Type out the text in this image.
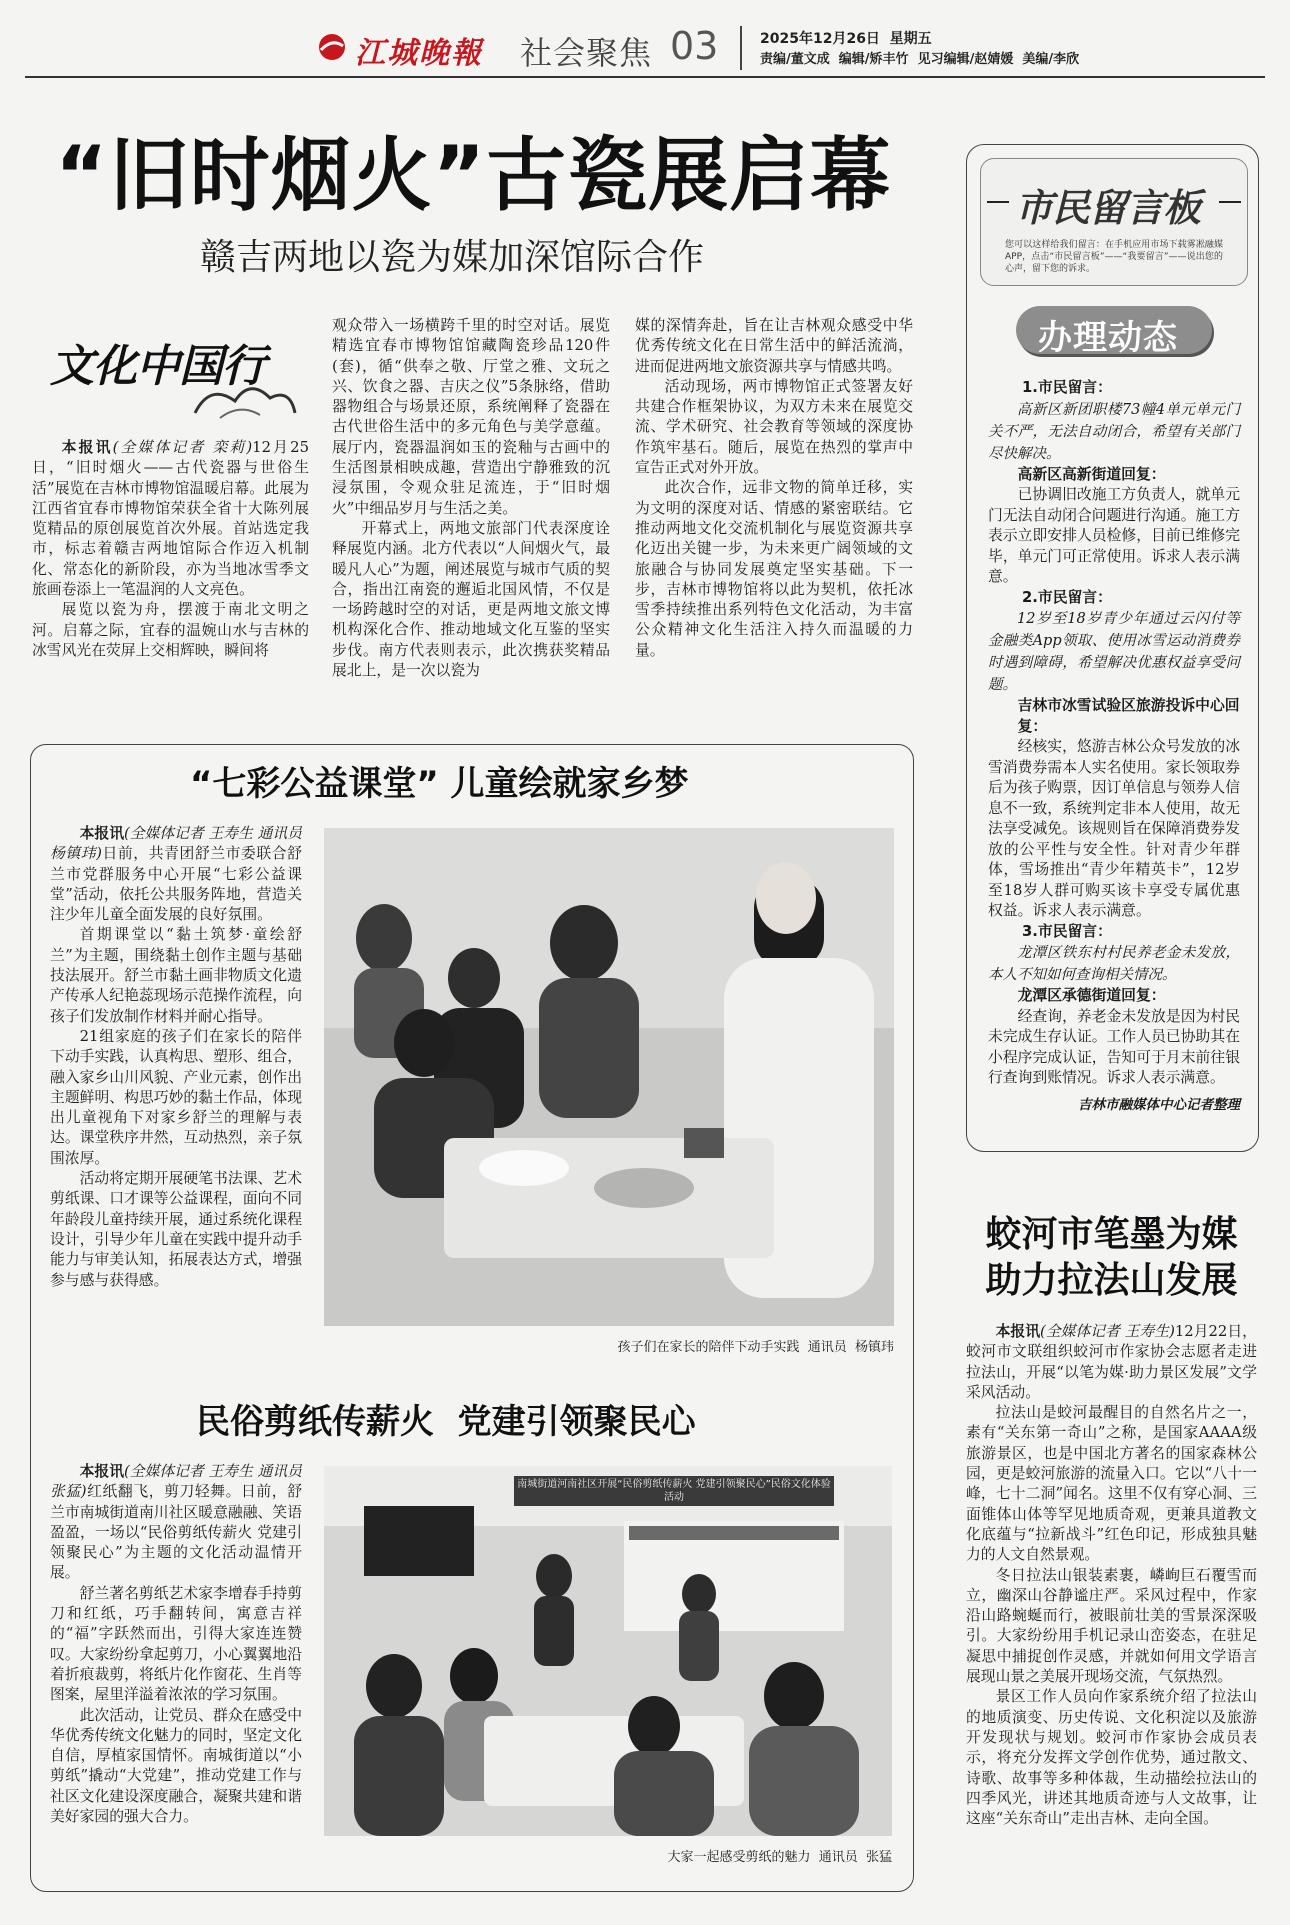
江城晚報 社会聚焦 03	2025年12月26日  星期五
责编/董文成  编辑/矫丰竹  见习编辑/赵婧媛  美编/李欣
“旧时烟火”古瓷展启幕
赣吉两地以瓷为媒加深馆际合作
文化中国行

本报讯(全媒体记者 栾莉)12月25日，“旧时烟火——古代瓷器与世俗生活”展览在吉林市博物馆温暖启幕。此展为江西省宜春市博物馆荣获全省十大陈列展览精品的原创展览首次外展。首站选定我市，标志着赣吉两地馆际合作迈入机制化、常态化的新阶段，亦为当地冰雪季文旅画卷添上一笔温润的人文亮色。

展览以瓷为舟，摆渡于南北文明之河。启幕之际，宜春的温婉山水与吉林的冰雪风光在荧屏上交相辉映，瞬间将

观众带入一场横跨千里的时空对话。展览精选宜春市博物馆馆藏陶瓷珍品120件(套)，循“供奉之敬、厅堂之雅、文玩之兴、饮食之器、吉庆之仪”5条脉络，借助器物组合与场景还原，系统阐释了瓷器在古代世俗生活中的多元角色与美学意蕴。展厅内，瓷器温润如玉的瓷釉与古画中的生活图景相映成趣，营造出宁静雅致的沉浸氛围，令观众驻足流连，于“旧时烟火”中细品岁月与生活之美。

开幕式上，两地文旅部门代表深度诠释展览内涵。北方代表以“人间烟火气，最暖凡人心”为题，阐述展览与城市气质的契合，指出江南瓷的邂逅北国风情，不仅是一场跨越时空的对话，更是两地文旅文博机构深化合作、推动地域文化互鉴的坚实步伐。南方代表则表示，此次携获奖精品展北上，是一次以瓷为

媒的深情奔赴，旨在让吉林观众感受中华优秀传统文化在日常生活中的鲜活流淌，进而促进两地文旅资源共享与情感共鸣。

活动现场，两市博物馆正式签署友好共建合作框架协议，为双方未来在展览交流、学术研究、社会教育等领域的深度协作筑牢基石。随后，展览在热烈的掌声中宣告正式对外开放。

此次合作，远非文物的简单迁移，实为文明的深度对话、情感的紧密联结。它推动两地文化交流机制化与展览资源共享化迈出关键一步，为未来更广阔领域的文旅融合与协同发展奠定坚实基础。下一步，吉林市博物馆将以此为契机，依托冰雪季持续推出系列特色文化活动，为丰富公众精神文化生活注入持久而温暖的力量。

“七彩公益课堂” 儿童绘就家乡梦

本报讯(全媒体记者 王寿生 通讯员 杨镇玮)日前，共青团舒兰市委联合舒兰市党群服务中心开展“七彩公益课堂”活动，依托公共服务阵地，营造关注少年儿童全面发展的良好氛围。

首期课堂以“黏土筑梦·童绘舒兰”为主题，围绕黏土创作主题与基础技法展开。舒兰市黏土画非物质文化遗产传承人纪艳蕊现场示范操作流程，向孩子们发放制作材料并耐心指导。

21组家庭的孩子们在家长的陪伴下动手实践，认真构思、塑形、组合，融入家乡山川风貌、产业元素，创作出主题鲜明、构思巧妙的黏土作品，体现出儿童视角下对家乡舒兰的理解与表达。课堂秩序井然，互动热烈，亲子氛围浓厚。

活动将定期开展硬笔书法课、艺术剪纸课、口才课等公益课程，面向不同年龄段儿童持续开展，通过系统化课程设计，引导少年儿童在实践中提升动手能力与审美认知，拓展表达方式，增强参与感与获得感。

孩子们在家长的陪伴下动手实践  通讯员  杨镇玮
民俗剪纸传薪火  党建引领聚民心

本报讯(全媒体记者 王寿生 通讯员 张猛)红纸翻飞，剪刀轻舞。日前，舒兰市南城街道南川社区暖意融融、笑语盈盈，一场以“民俗剪纸传薪火 党建引领聚民心”为主题的文化活动温情开展。

舒兰著名剪纸艺术家李增春手持剪刀和红纸，巧手翻转间，寓意吉祥的“福”字跃然而出，引得大家连连赞叹。大家纷纷拿起剪刀，小心翼翼地沿着折痕裁剪，将纸片化作窗花、生肖等图案，屋里洋溢着浓浓的学习氛围。

此次活动，让党员、群众在感受中华优秀传统文化魅力的同时，坚定文化自信，厚植家国情怀。南城街道以“小剪纸”撬动“大党建”，推动党建工作与社区文化建设深度融合，凝聚共建和谐美好家园的强大合力。

南城街道河南社区开展“民俗剪纸传薪火 党建引领聚民心”民俗文化体验活动
大家一起感受剪纸的魅力  通讯员  张猛
市民留言板
您可以这样给我们留言：在手机应用市场下载雾凇融媒APP，点击“市民留言板”——“我要留言”——说出您的心声，留下您的诉求。
办理动态

1.市民留言：

高新区新团职楼73幢4单元单元门关不严，无法自动闭合，希望有关部门尽快解决。

高新区高新街道回复：

已协调旧改施工方负责人，就单元门无法自动闭合问题进行沟通。施工方表示立即安排人员检修，目前已维修完毕，单元门可正常使用。诉求人表示满意。

2.市民留言：

12岁至18岁青少年通过云闪付等金融类App领取、使用冰雪运动消费券时遇到障碍，希望解决优惠权益享受问题。

吉林市冰雪试验区旅游投诉中心回复：

经核实，悠游吉林公众号发放的冰雪消费券需本人实名使用。家长领取券后为孩子购票，因订单信息与领券人信息不一致，系统判定非本人使用，故无法享受减免。该规则旨在保障消费券发放的公平性与安全性。针对青少年群体，雪场推出“青少年精英卡”，12岁至18岁人群可购买该卡享受专属优惠权益。诉求人表示满意。

3.市民留言：

龙潭区铁东村村民养老金未发放，本人不知如何查询相关情况。

龙潭区承德街道回复：

经查询，养老金未发放是因为村民未完成生存认证。工作人员已协助其在小程序完成认证，告知可于月末前往银行查询到账情况。诉求人表示满意。

吉林市融媒体中心记者整理

蛟河市笔墨为媒
助力拉法山发展

本报讯(全媒体记者 王寿生)12月22日，蛟河市文联组织蛟河市作家协会志愿者走进拉法山，开展“以笔为媒·助力景区发展”文学采风活动。

拉法山是蛟河最醒目的自然名片之一，素有“关东第一奇山”之称，是国家AAAA级旅游景区，也是中国北方著名的国家森林公园，更是蛟河旅游的流量入口。它以“八十一峰，七十二洞”闻名。这里不仅有穿心洞、三面锥体山体等罕见地质奇观，更兼具道教文化底蕴与“拉新战斗”红色印记，形成独具魅力的人文自然景观。

冬日拉法山银装素裹，嶙峋巨石覆雪而立，幽深山谷静谧庄严。采风过程中，作家沿山路蜿蜒而行，被眼前壮美的雪景深深吸引。大家纷纷用手机记录山峦姿态，在驻足凝思中捕捉创作灵感，并就如何用文学语言展现山景之美展开现场交流，气氛热烈。

景区工作人员向作家系统介绍了拉法山的地质演变、历史传说、文化积淀以及旅游开发现状与规划。蛟河市作家协会成员表示，将充分发挥文学创作优势，通过散文、诗歌、故事等多种体裁，生动描绘拉法山的四季风光，讲述其地质奇迹与人文故事，让这座“关东奇山”走出吉林、走向全国。
